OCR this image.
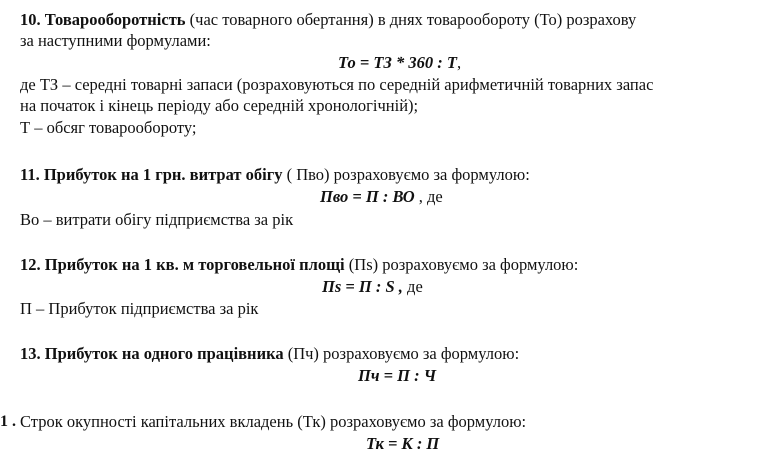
10. Товарооборотність (час товарного обертання) в днях товарообороту (То) розрахову
за наступними формулами:
То = ТЗ * 360 : Т,
де ТЗ – середні товарні запаси (розраховуються по середній арифметичній товарних запас
на початок і кінець періоду або середній хронологічній);
Т – обсяг товарообороту;
11. Прибуток на 1 грн. витрат обігу ( Пво) розраховуємо за формулою:
Пво = П : ВО , де
Во – витрати обігу підприємства за рік
12. Прибуток на 1 кв. м торговельної площі (Пs) розраховуємо за формулою:
Пs = П : S , де
П – Прибуток підприємства за рік
13. Прибуток на одного працівника (Пч) розраховуємо за формулою:
Пч = П : Ч
1 . Строк окупності капітальних вкладень (Тк) розраховуємо за формулою:
Тк = К : П
